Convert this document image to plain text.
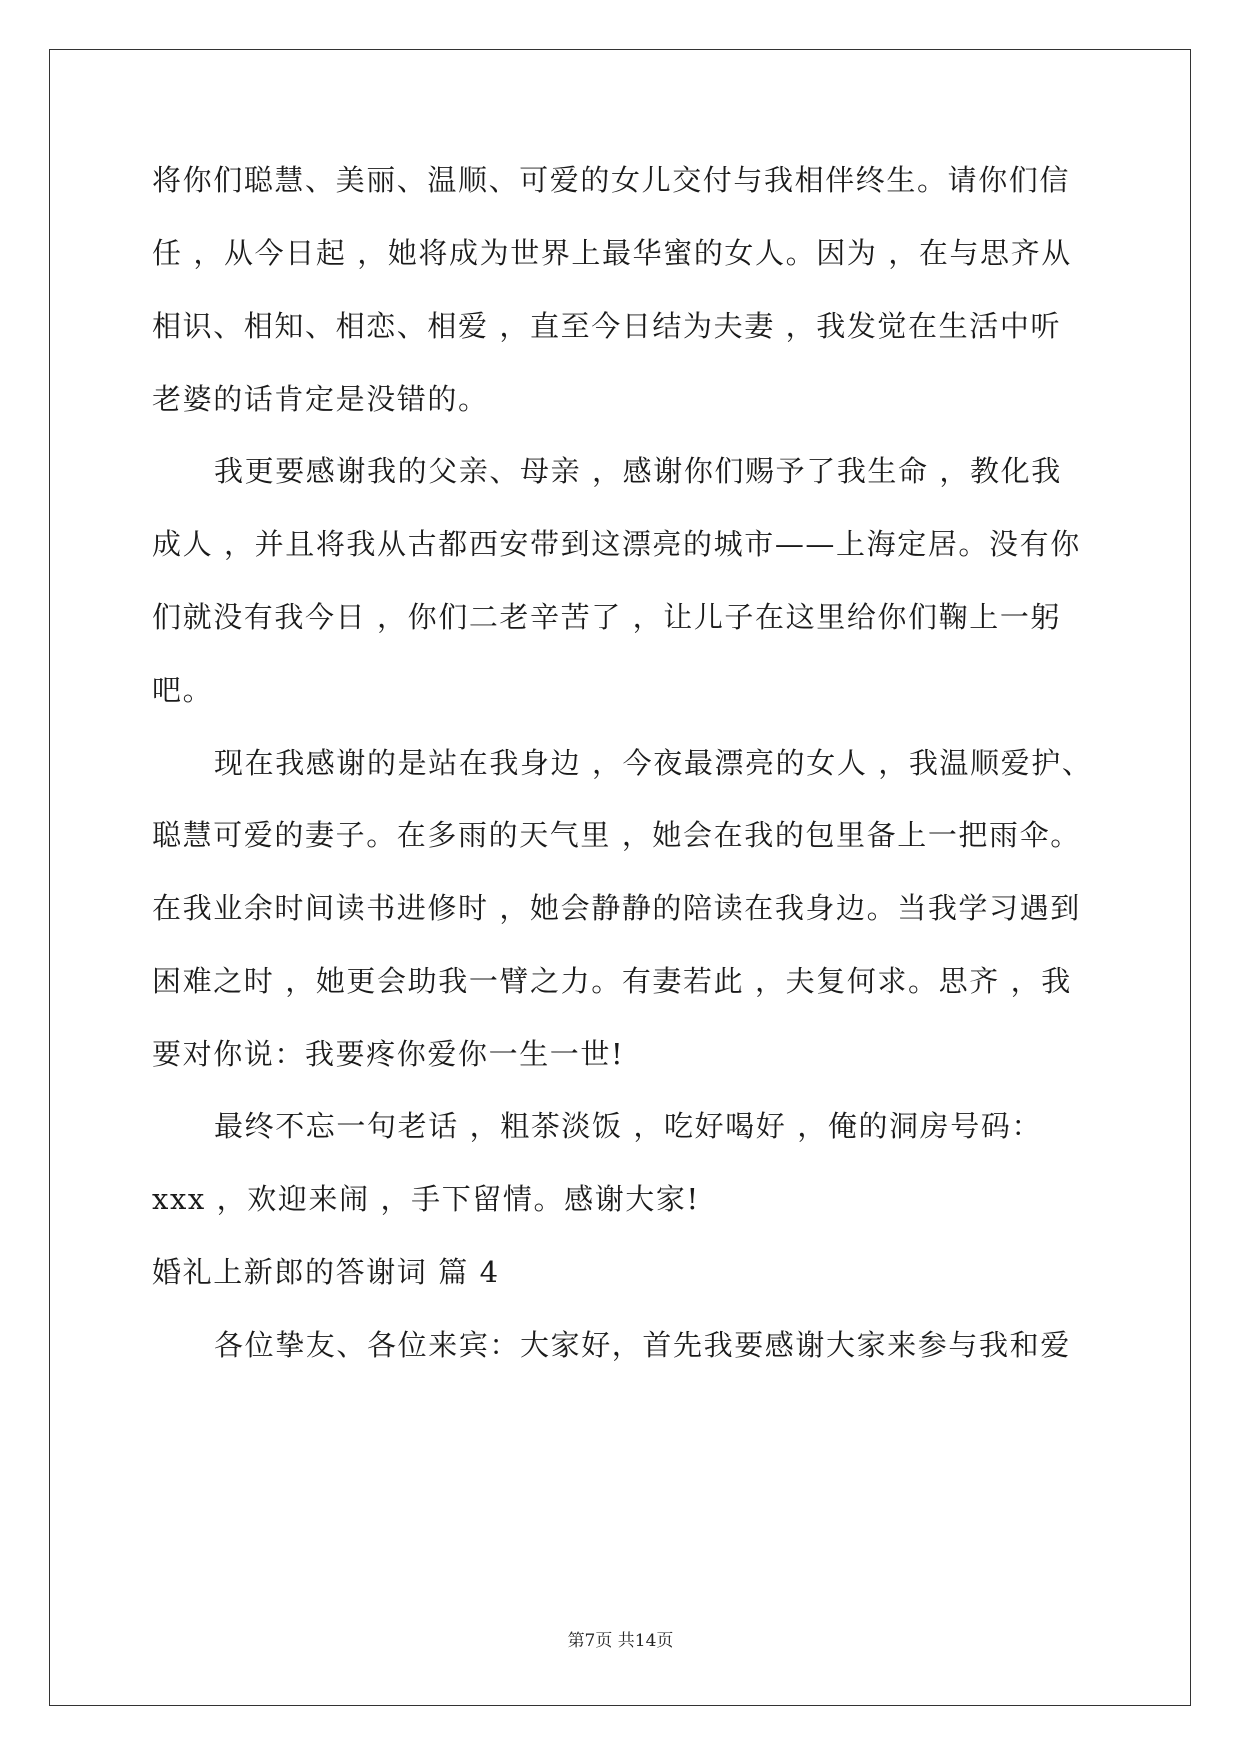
将你们聪慧、美丽、温顺、可爱的女儿交付与我相伴终生。请你们信
任 ，从今日起 ，她将成为世界上最华蜜的女人。因为 ，在与思齐从
相识、相知、相恋、相爱 ，直至今日结为夫妻 ，我发觉在生活中听
老婆的话肯定是没错的。
我更要感谢我的父亲、母亲 ，感谢你们赐予了我生命 ，教化我
成人 ，并且将我从古都西安带到这漂亮的城市——上海定居。没有你
们就没有我今日 ，你们二老辛苦了 ，让儿子在这里给你们鞠上一躬
吧。
现在我感谢的是站在我身边 ，今夜最漂亮的女人 ，我温顺爱护、
聪慧可爱的妻子。在多雨的天气里 ，她会在我的包里备上一把雨伞。
在我业余时间读书进修时 ，她会静静的陪读在我身边。当我学习遇到
困难之时 ，她更会助我一臂之力。有妻若此 ，夫复何求。思齐 ，我
要对你说：我要疼你爱你一生一世!
最终不忘一句老话 ，粗茶淡饭 ，吃好喝好 ，俺的洞房号码：
xxx ，欢迎来闹 ，手下留情。感谢大家!
婚礼上新郎的答谢词 篇 4
各位挚友、各位来宾：大家好，首先我要感谢大家来参与我和爱
第7页 共14页
